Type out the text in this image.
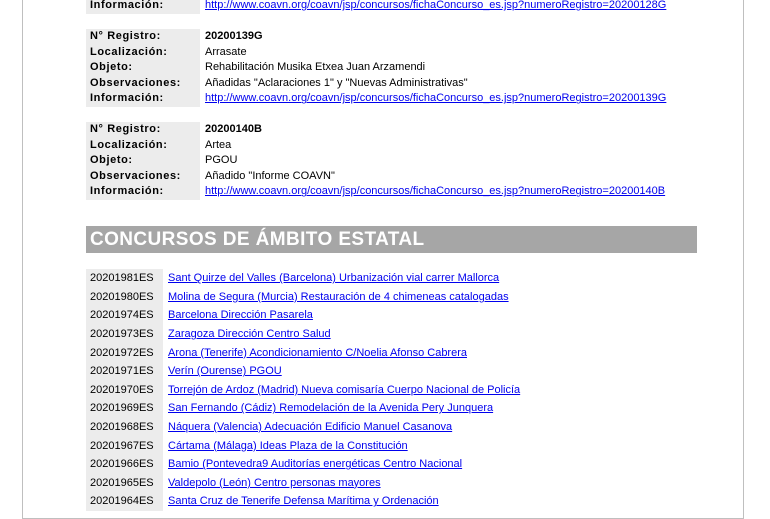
Información:	http://www.coavn.org/coavn/jsp/concursos/fichaConcurso_es.jsp?numeroRegistro=20200128G
N° Registro:	20200139G
Localización:	Arrasate
Objeto:	Rehabilitación Musika Etxea Juan Arzamendi
Observaciones:	Añadidas "Aclaraciones 1" y "Nuevas Administrativas"
Información:	http://www.coavn.org/coavn/jsp/concursos/fichaConcurso_es.jsp?numeroRegistro=20200139G
N° Registro:	20200140B
Localización:	Artea
Objeto:	PGOU
Observaciones:	Añadido "Informe COAVN"
Información:	http://www.coavn.org/coavn/jsp/concursos/fichaConcurso_es.jsp?numeroRegistro=20200140B
CONCURSOS DE ÁMBITO ESTATAL
20201981ES	Sant Quirze del Valles (Barcelona) Urbanización vial carrer Mallorca
20201980ES	Molina de Segura (Murcia) Restauración de 4 chimeneas catalogadas
20201974ES	Barcelona Dirección Pasarela
20201973ES	Zaragoza Dirección Centro Salud
20201972ES	Arona (Tenerife) Acondicionamiento C/Noelia Afonso Cabrera
20201971ES	Verín (Ourense) PGOU
20201970ES	Torrejón de Ardoz (Madrid) Nueva comisaría Cuerpo Nacional de Policía
20201969ES	San Fernando (Cádiz) Remodelación de la Avenida Pery Junquera
20201968ES	Náquera (Valencia) Adecuación Edificio Manuel Casanova
20201967ES	Cártama (Málaga) Ideas Plaza de la Constitución
20201966ES	Bamio (Pontevedra9 Auditorías energéticas Centro Nacional
20201965ES	Valdepolo (León) Centro personas mayores
20201964ES	Santa Cruz de Tenerife Defensa Marítima y Ordenación
